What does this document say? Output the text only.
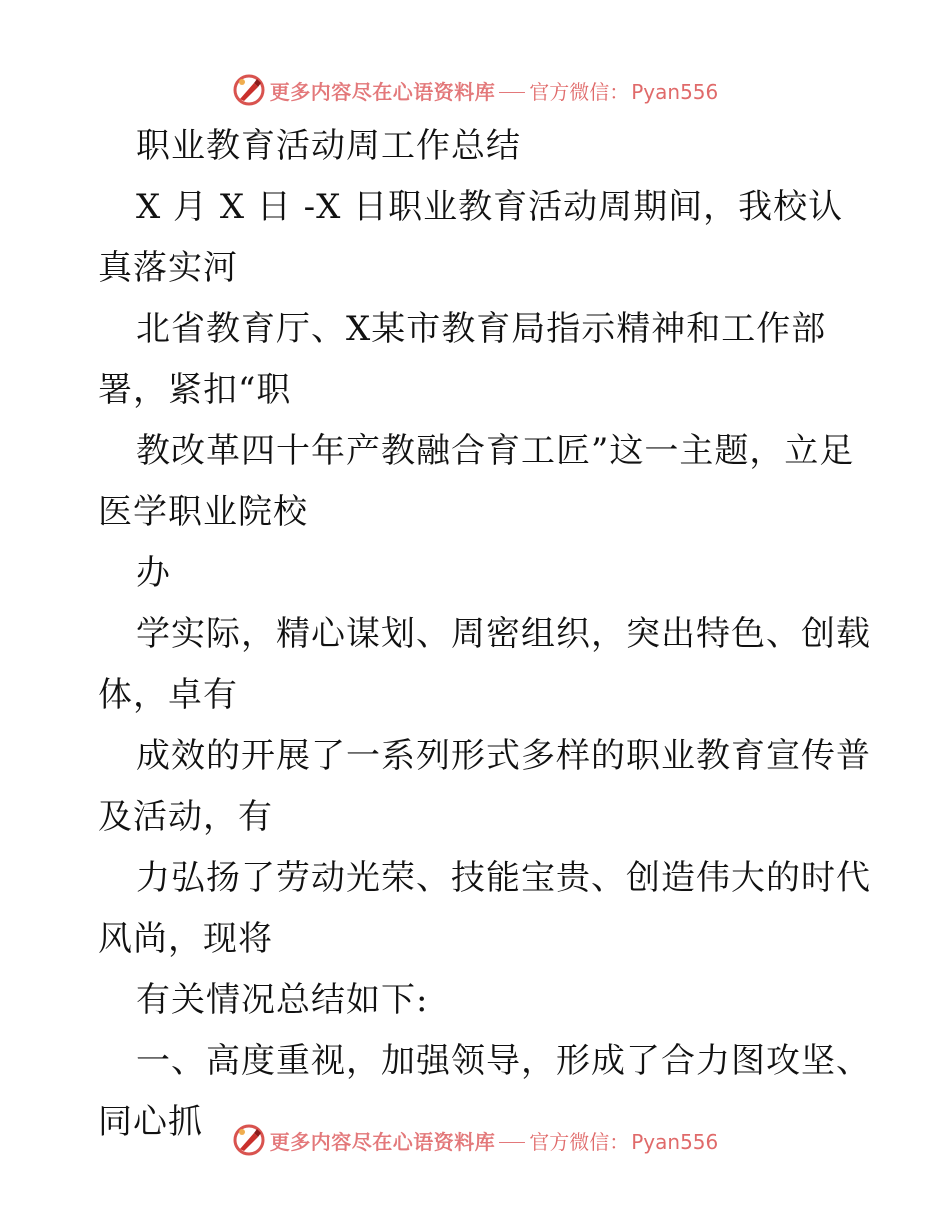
更多内容尽在心语资料库 官方微信： Pyan556
职业教育活动周工作总结
X 月 X 日 -X 日职业教育活动周期间，我校认
真落实河
北省教育厅、X某市教育局指示精神和工作部
署，紧扣“职
教改革四十年产教融合育工匠”这一主题，立足
医学职业院校
办
学实际，精心谋划、周密组织，突出特色、创载
体，卓有
成效的开展了一系列形式多样的职业教育宣传普
及活动，有
力弘扬了劳动光荣、技能宝贵、创造伟大的时代
风尚，现将
有关情况总结如下:
一、高度重视，加强领导，形成了合力图攻坚、
同心抓	更多内容尽在心语资料库 官方微信： Pyan556
